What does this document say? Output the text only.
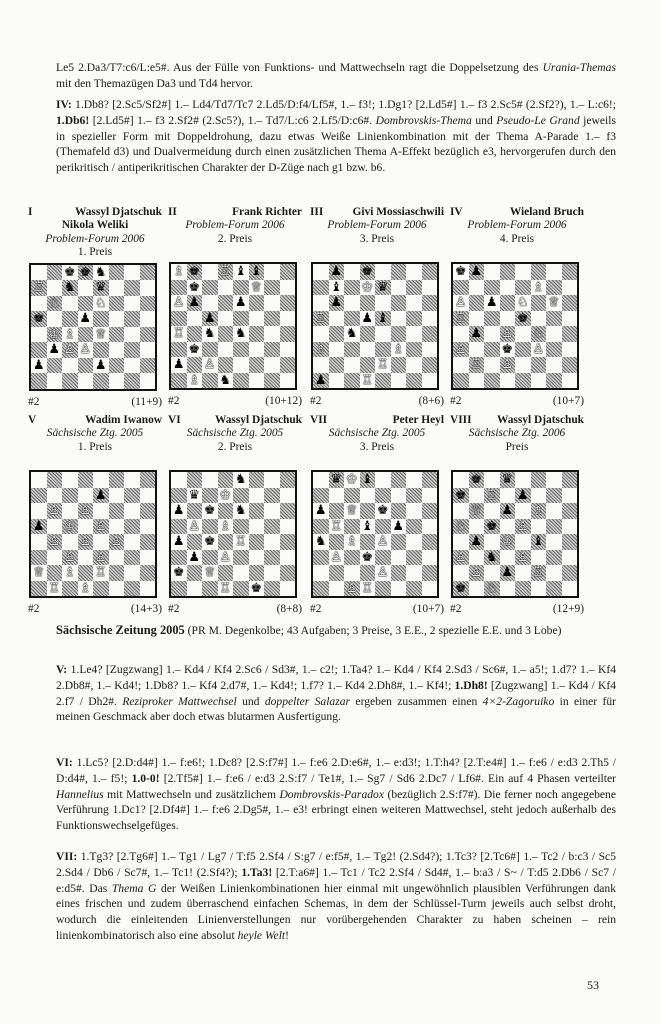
Le5 2.Da3/T7:c6/L:e5#. Aus der Fülle von Funktions- und Mattwechseln ragt die Doppelsetzung des Urania-Themas mit den Themazügen Da3 und Td4 hervor.
IV: 1.Db8? [2.Sc5/Sf2#] 1.– Ld4/Td7/Tc7 2.Ld5/D:f4/Lf5#, 1.– f3!; 1.Dg1? [2.Ld5#] 1.– f3 2.Sc5# (2.Sf2?), 1.– L:c6!; 1.Db6! [2.Ld5#] 1.– f3 2.Sf2# (2.Sc5?), 1.– Td7/L:c6 2.Lf5/D:c6#. Dombrovskis-Thema und Pseudo-Le Grand jeweils in spezieller Form mit Doppeldrohung, dazu etwas Weiße Linienkombination mit der Thema A-Parade 1.– f3 (Themafeld d3) und Dualvermeidung durch einen zusätzlichen Thema A-Effekt bezüglich e3, hervorgerufen durch den perikritisch / antiperikritischen Charakter der D-Züge nach g1 bzw. b6.
I	Wassyl Djatschuk
Nikola Weliki
Problem-Forum 2006
1. Preis
♚ ♚ ♞
♖ ♞ ♛
♘	♘
♚	♟
♔ ♗ ♕
♟ ♙ ♙
♟	♟
#2	(11+9)
II	Frank Richter
Problem-Forum 2006
2. Preis
♗ ♚ ♖ ♝ ♝
♚	♕
♙ ♟	♟
♟
♖ ♞ ♞
♚
♟ ♙
♗ ♞
#2	(10+12)
III	Givi Mossiaschwili
Problem-Forum 2006
3. Preis
♟ ♚
♝ ♔ ♛
♟
♖	♟ ♝
♞
♗	♗
♖
♟	♖
#2	(8+6)
IV	Wieland Bruch
Problem-Forum 2006
4. Preis
♚ ♟
♗
♙ ♟ ♘ ♕
♖	♚
♟ ♙ ♘
♙	♚ ♙
♖ ♙
#2	(10+7)
V	Wadim Iwanow
Sächsische Ztg. 2005
1. Preis
♟
♙ ♙
♟ ♔ ♙
♙ ♙ ♙
♙ ♙
♕ ♗ ♖
♖ ♗
#2	(14+3)
VI	Wassyl Djatschuk
Sächsische Ztg. 2005
2. Preis
♞
♛ ♔
♟ ♚ ♞
♙ ♗
♟ ♚ ♖
♟ ♙
♚ ♕
♖ ♚
#2	(8+8)
VII	Peter Heyl
Sächsische Ztg. 2005
3. Preis
♛ ♔ ♝
♟ ♕ ♚
♖ ♝ ♟
♞ ♗ ♙
♙ ♚
♙
♙ ♖
#2	(10+7)
VIII Wassyl Djatschuk
Sächsische Ztg. 2006
Preis
♚ ♛
♚ ♖ ♟
♕ ♟ ♗
♘ ♚ ♙
♟ ♔ ♝
♙ ♞ ♙
♙ ♟ ♖
♚ ♘
#2	(12+9)
Sächsische Zeitung 2005 (PR M. Degenkolbe; 43 Aufgaben; 3 Preise, 3 E.E., 2 spezielle E.E. und 3 Lobe)
V: 1.Le4? [Zugzwang] 1.– Kd4 / Kf4 2.Sc6 / Sd3#, 1.– c2!; 1.Ta4? 1.– Kd4 / Kf4 2.Sd3 / Sc6#, 1.– a5!; 1.d7? 1.– Kf4 2.Db8#, 1.– Kd4!; 1.Db8? 1.– Kf4 2.d7#, 1.– Kd4!; 1.f7? 1.– Kd4 2.Dh8#, 1.– Kf4!; 1.Dh8! [Zugzwang] 1.– Kd4 / Kf4 2.f7 / Dh2#. Reziproker Mattwechsel und doppelter Salazar ergeben zusammen einen 4×2-Zagoruiko in einer für meinen Geschmack aber doch etwas blutarmen Ausfertigung.
VI: 1.Lc5? [2.D:d4#] 1.– f:e6!; 1.Dc8? [2.S:f7#] 1.– f:e6 2.D:e6#, 1.– e:d3!; 1.T:h4? [2.T:e4#] 1.– f:e6 / e:d3 2.Th5 / D:d4#, 1.– f5!; 1.0-0! [2.Tf5#] 1.– f:e6 / e:d3 2.S:f7 / Te1#, 1.– Sg7 / Sd6 2.Dc7 / Lf6#. Ein auf 4 Phasen verteilter Hannelius mit Mattwechseln und zusätzlichem Dombrovskis-Paradox (bezüglich 2.S:f7#). Die ferner noch angegebene Verführung 1.Dc1? [2.Df4#] 1.– f:e6 2.Dg5#, 1.– e3! erbringt einen weiteren Mattwechsel, steht jedoch außerhalb des Funktionswechselgefüges.
VII: 1.Tg3? [2.Tg6#] 1.– Tg1 / Lg7 / T:f5 2.Sf4 / S:g7 / e:f5#, 1.– Tg2! (2.Sd4?); 1.Tc3? [2.Tc6#] 1.– Tc2 / b:c3 / Sc5 2.Sd4 / Db6 / Sc7#, 1.– Tc1! (2.Sf4?); 1.Ta3! [2.T:a6#] 1.– Tc1 / Tc2 2.Sf4 / Sd4#, 1.– b:a3 / S~ / T:d5 2.Db6 / Sc7 / e:d5#. Das Thema G der Weißen Linienkombinationen hier einmal mit ungewöhnlich plausiblen Verführungen dank eines frischen und zudem überraschend einfachen Schemas, in dem der Schlüssel-Turm jeweils auch selbst droht, wodurch die einleitenden Linienverstellungen nur vorübergehenden Charakter zu haben scheinen – rein linienkombinatorisch also eine absolut heyle Welt!
53
